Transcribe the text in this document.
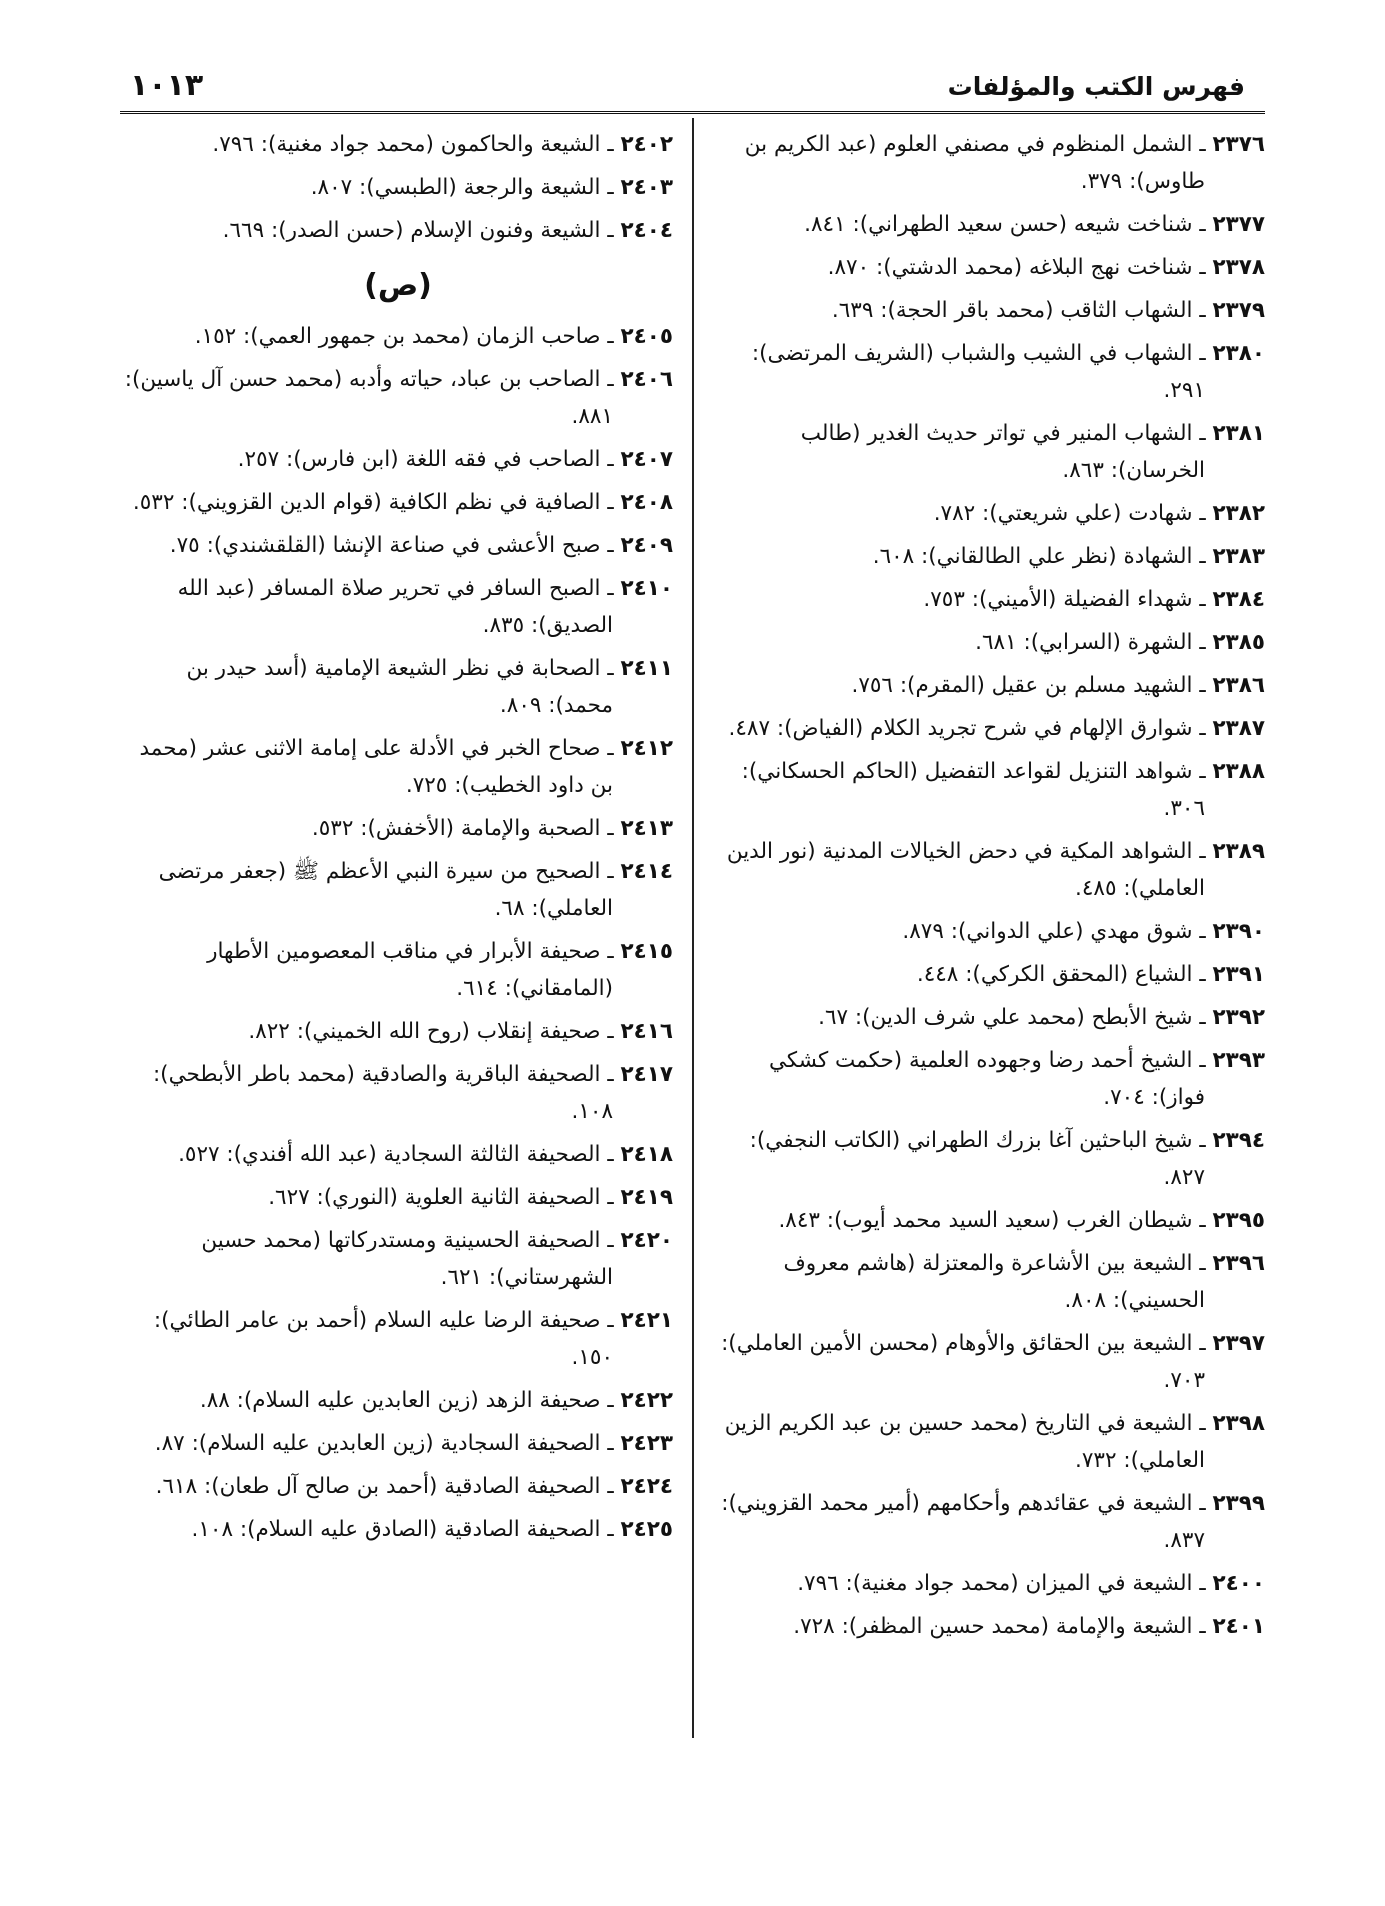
فهرس الكتب والمؤلفات
١٠١٣
٢٣٧٦ ـ الشمل المنظوم في مصنفي العلوم (عبد الكريم بن طاوس): ٣٧٩.
٢٣٧٧ ـ شناخت شيعه (حسن سعيد الطهراني): ٨٤١.
٢٣٧٨ ـ شناخت نهج البلاغه (محمد الدشتي): ٨٧٠.
٢٣٧٩ ـ الشهاب الثاقب (محمد باقر الحجة): ٦٣٩.
٢٣٨٠ ـ الشهاب في الشيب والشباب (الشريف المرتضى): ٢٩١.
٢٣٨١ ـ الشهاب المنير في تواتر حديث الغدير (طالب الخرسان): ٨٦٣.
٢٣٨٢ ـ شهادت (علي شريعتي): ٧٨٢.
٢٣٨٣ ـ الشهادة (نظر علي الطالقاني): ٦٠٨.
٢٣٨٤ ـ شهداء الفضيلة (الأميني): ٧٥٣.
٢٣٨٥ ـ الشهرة (السرابي): ٦٨١.
٢٣٨٦ ـ الشهيد مسلم بن عقيل (المقرم): ٧٥٦.
٢٣٨٧ ـ شوارق الإلهام في شرح تجريد الكلام (الفياض): ٤٨٧.
٢٣٨٨ ـ شواهد التنزيل لقواعد التفضيل (الحاكم الحسكاني): ٣٠٦.
٢٣٨٩ ـ الشواهد المكية في دحض الخيالات المدنية (نور الدين العاملي): ٤٨٥.
٢٣٩٠ ـ شوق مهدي (علي الدواني): ٨٧٩.
٢٣٩١ ـ الشياع (المحقق الكركي): ٤٤٨.
٢٣٩٢ ـ شيخ الأبطح (محمد علي شرف الدين): ٦٧.
٢٣٩٣ ـ الشيخ أحمد رضا وجهوده العلمية (حكمت كشكي فواز): ٧٠٤.
٢٣٩٤ ـ شيخ الباحثين آغا بزرك الطهراني (الكاتب النجفي): ٨٢٧.
٢٣٩٥ ـ شيطان الغرب (سعيد السيد محمد أيوب): ٨٤٣.
٢٣٩٦ ـ الشيعة بين الأشاعرة والمعتزلة (هاشم معروف الحسيني): ٨٠٨.
٢٣٩٧ ـ الشيعة بين الحقائق والأوهام (محسن الأمين العاملي): ٧٠٣.
٢٣٩٨ ـ الشيعة في التاريخ (محمد حسين بن عبد الكريم الزين العاملي): ٧٣٢.
٢٣٩٩ ـ الشيعة في عقائدهم وأحكامهم (أمير محمد القزويني): ٨٣٧.
٢٤٠٠ ـ الشيعة في الميزان (محمد جواد مغنية): ٧٩٦.
٢٤٠١ ـ الشيعة والإمامة (محمد حسين المظفر): ٧٢٨.
٢٤٠٢ ـ الشيعة والحاكمون (محمد جواد مغنية): ٧٩٦.
٢٤٠٣ ـ الشيعة والرجعة (الطبسي): ٨٠٧.
٢٤٠٤ ـ الشيعة وفنون الإسلام (حسن الصدر): ٦٦٩.
(ص)
٢٤٠٥ ـ صاحب الزمان (محمد بن جمهور العمي): ١٥٢.
٢٤٠٦ ـ الصاحب بن عباد، حياته وأدبه (محمد حسن آل ياسين): ٨٨١.
٢٤٠٧ ـ الصاحب في فقه اللغة (ابن فارس): ٢٥٧.
٢٤٠٨ ـ الصافية في نظم الكافية (قوام الدين القزويني): ٥٣٢.
٢٤٠٩ ـ صبح الأعشى في صناعة الإنشا (القلقشندي): ٧٥.
٢٤١٠ ـ الصبح السافر في تحرير صلاة المسافر (عبد الله الصديق): ٨٣٥.
٢٤١١ ـ الصحابة في نظر الشيعة الإمامية (أسد حيدر بن محمد): ٨٠٩.
٢٤١٢ ـ صحاح الخبر في الأدلة على إمامة الاثنى عشر (محمد بن داود الخطيب): ٧٢٥.
٢٤١٣ ـ الصحبة والإمامة (الأخفش): ٥٣٢.
٢٤١٤ ـ الصحيح من سيرة النبي الأعظم ﷺ (جعفر مرتضى العاملي): ٦٨.
٢٤١٥ ـ صحيفة الأبرار في مناقب المعصومين الأطهار (المامقاني): ٦١٤.
٢٤١٦ ـ صحيفة إنقلاب (روح الله الخميني): ٨٢٢.
٢٤١٧ ـ الصحيفة الباقرية والصادقية (محمد باطر الأبطحي): ١٠٨.
٢٤١٨ ـ الصحيفة الثالثة السجادية (عبد الله أفندي): ٥٢٧.
٢٤١٩ ـ الصحيفة الثانية العلوية (النوري): ٦٢٧.
٢٤٢٠ ـ الصحيفة الحسينية ومستدركاتها (محمد حسين الشهرستاني): ٦٢١.
٢٤٢١ ـ صحيفة الرضا عليه السلام (أحمد بن عامر الطائي): ١٥٠.
٢٤٢٢ ـ صحيفة الزهد (زين العابدين عليه السلام): ٨٨.
٢٤٢٣ ـ الصحيفة السجادية (زين العابدين عليه السلام): ٨٧.
٢٤٢٤ ـ الصحيفة الصادقية (أحمد بن صالح آل طعان): ٦١٨.
٢٤٢٥ ـ الصحيفة الصادقية (الصادق عليه السلام): ١٠٨.
